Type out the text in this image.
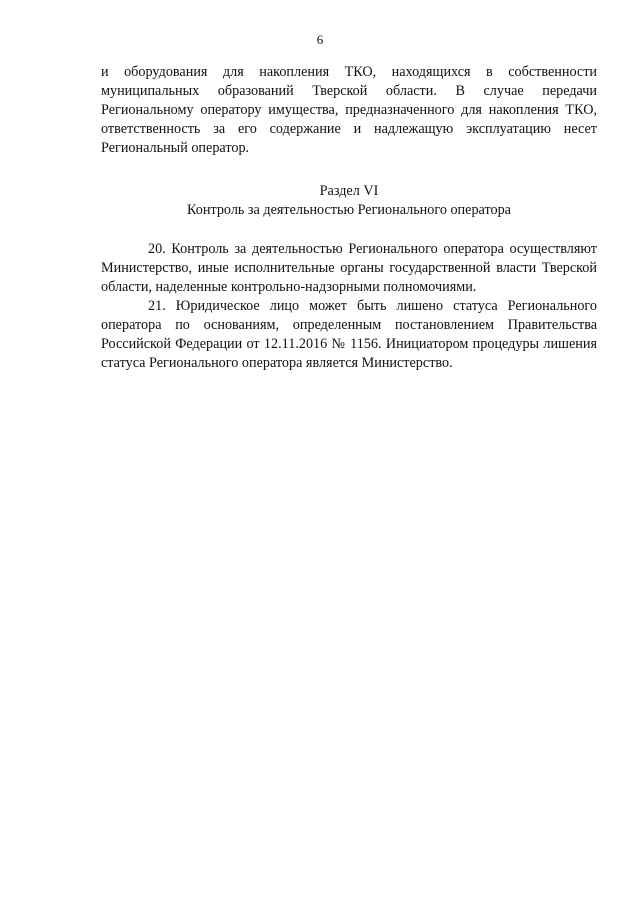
6

и оборудования для накопления ТКО, находящихся в собственности муниципальных образований Тверской области. В случае передачи Региональному оператору имущества, предназначенного для накопления ТКО, ответственность за его содержание и надлежащую эксплуатацию несет Региональный оператор.

Раздел VI
Контроль за деятельностью Регионального оператора

20. Контроль за деятельностью Регионального оператора осуществляют Министерство, иные исполнительные органы государственной власти Тверской области, наделенные контрольно-надзорными полномочиями.

21. Юридическое лицо может быть лишено статуса Регионального оператора по основаниям, определенным постановлением Правительства Российской Федерации от 12.11.2016 № 1156. Инициатором процедуры лишения статуса Регионального оператора является Министерство.
